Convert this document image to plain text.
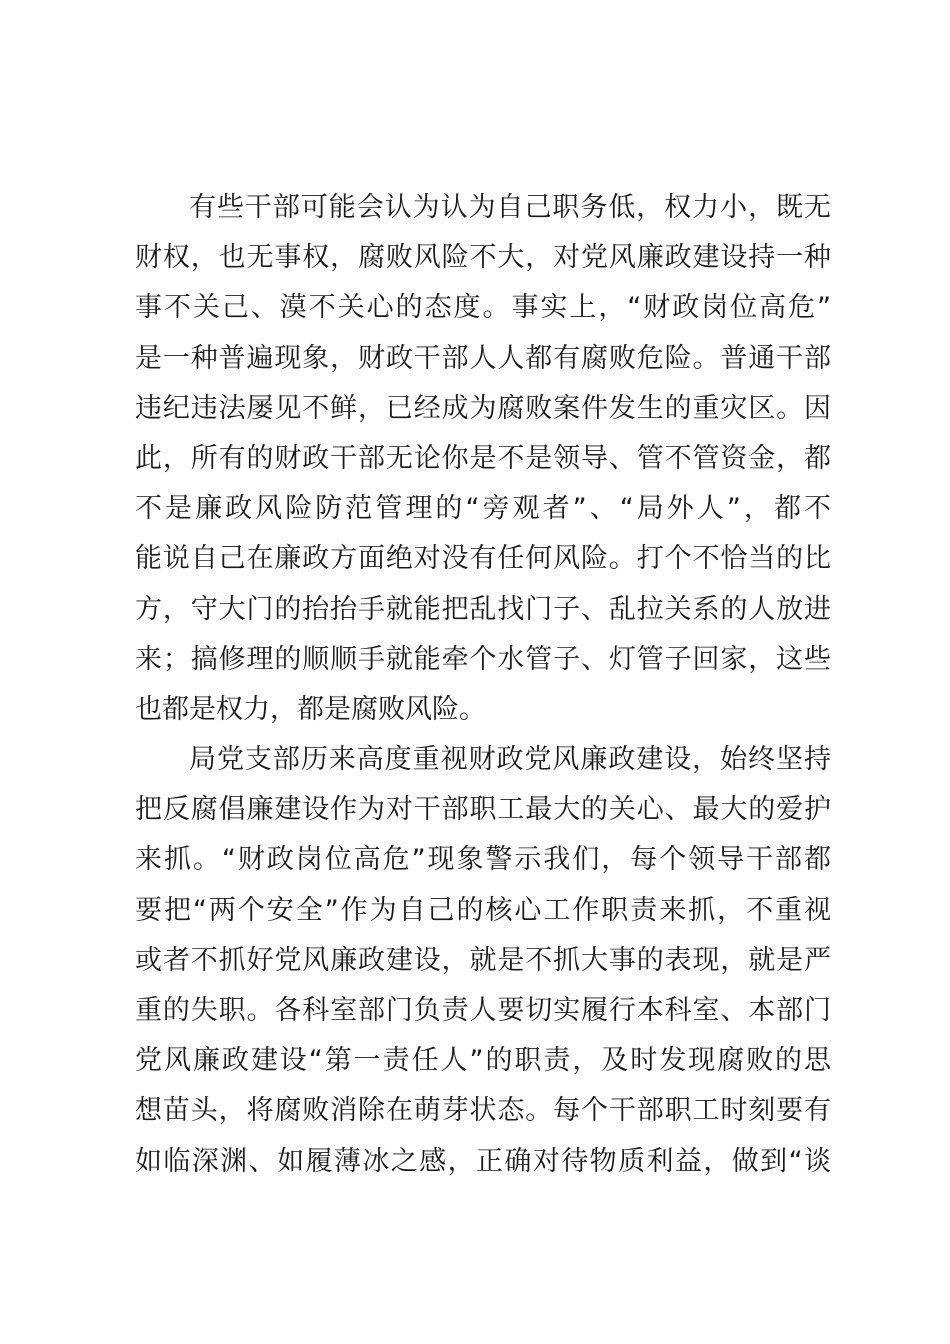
有些干部可能会认为认为自己职务低，权力小，既无
财权，也无事权，腐败风险不大，对党风廉政建设持一种
事不关己、漠不关心的态度。事实上，“财政岗位高危”
是一种普遍现象，财政干部人人都有腐败危险。普通干部
违纪违法屡见不鲜，已经成为腐败案件发生的重灾区。因
此，所有的财政干部无论你是不是领导、管不管资金，都
不是廉政风险防范管理的“旁观者”、“局外人”，都不
能说自己在廉政方面绝对没有任何风险。打个不恰当的比
方，守大门的抬抬手就能把乱找门子、乱拉关系的人放进
来；搞修理的顺顺手就能牵个水管子、灯管子回家，这些
也都是权力，都是腐败风险。
局党支部历来高度重视财政党风廉政建设，始终坚持
把反腐倡廉建设作为对干部职工最大的关心、最大的爱护
来抓。“财政岗位高危”现象警示我们，每个领导干部都
要把“两个安全”作为自己的核心工作职责来抓，不重视
或者不抓好党风廉政建设，就是不抓大事的表现，就是严
重的失职。各科室部门负责人要切实履行本科室、本部门
党风廉政建设“第一责任人”的职责，及时发现腐败的思
想苗头，将腐败消除在萌芽状态。每个干部职工时刻要有
如临深渊、如履薄冰之感，正确对待物质利益，做到“谈
